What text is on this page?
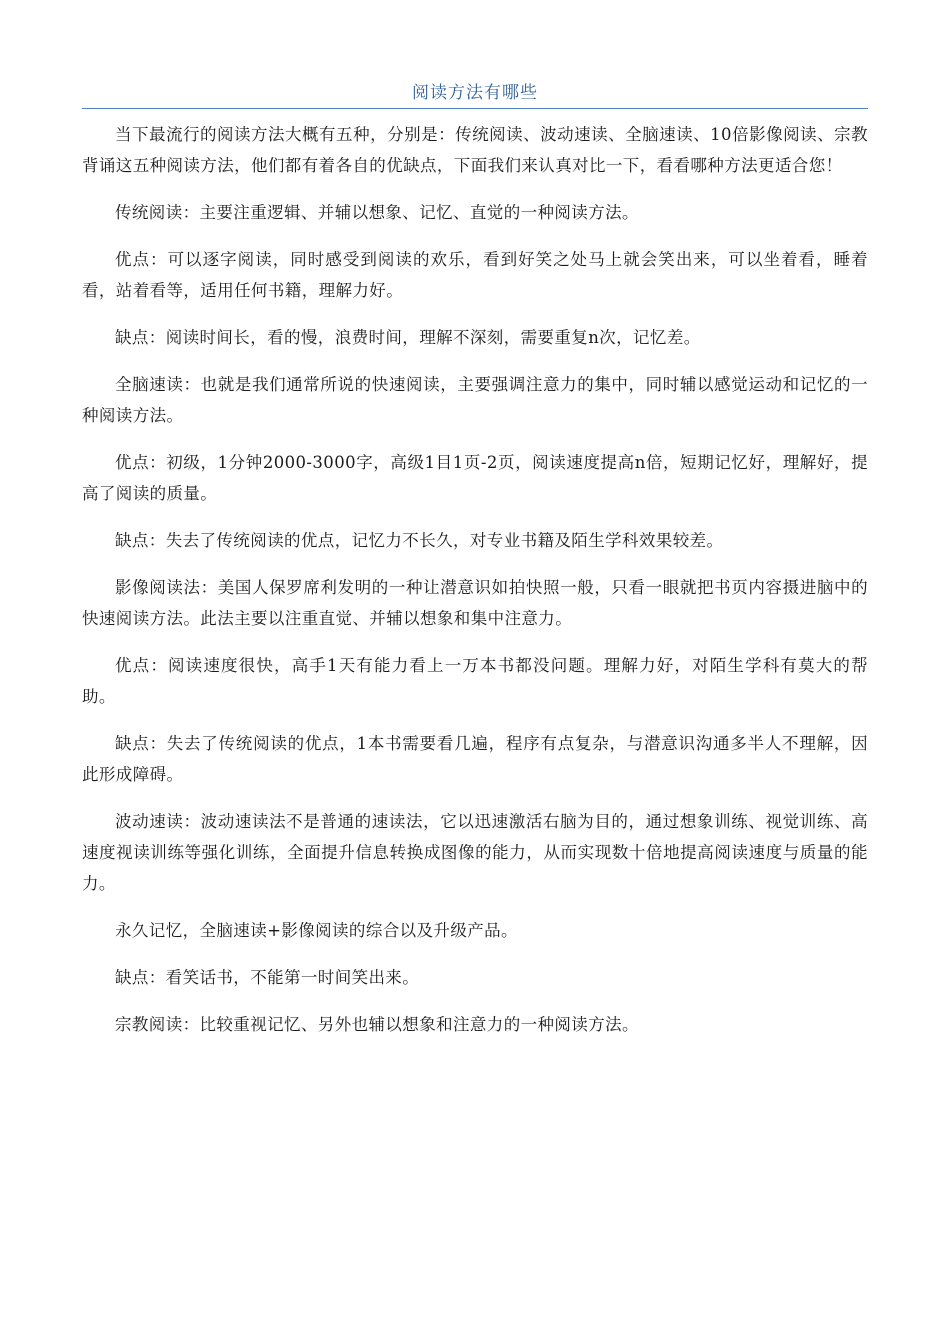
阅读方法有哪些

当下最流行的阅读方法大概有五种，分别是：传统阅读、波动速读、全脑速读、10倍影像阅读、宗教背诵这五种阅读方法，他们都有着各自的优缺点，下面我们来认真对比一下，看看哪种方法更适合您！

传统阅读：主要注重逻辑、并辅以想象、记忆、直觉的一种阅读方法。

优点：可以逐字阅读，同时感受到阅读的欢乐，看到好笑之处马上就会笑出来，可以坐着看，睡着看，站着看等，适用任何书籍，理解力好。

缺点：阅读时间长，看的慢，浪费时间，理解不深刻，需要重复n次，记忆差。

全脑速读：也就是我们通常所说的快速阅读，主要强调注意力的集中，同时辅以感觉运动和记忆的一种阅读方法。

优点：初级，1分钟2000-3000字，高级1目1页-2页，阅读速度提高n倍，短期记忆好，理解好，提高了阅读的质量。

缺点：失去了传统阅读的优点，记忆力不长久，对专业书籍及陌生学科效果较差。

影像阅读法：美国人保罗席利发明的一种让潜意识如拍快照一般，只看一眼就把书页内容摄进脑中的快速阅读方法。此法主要以注重直觉、并辅以想象和集中注意力。

优点：阅读速度很快，高手1天有能力看上一万本书都没问题。理解力好，对陌生学科有莫大的帮助。

缺点：失去了传统阅读的优点，1本书需要看几遍，程序有点复杂，与潜意识沟通多半人不理解，因此形成障碍。

波动速读：波动速读法不是普通的速读法，它以迅速激活右脑为目的，通过想象训练、视觉训练、高速度视读训练等强化训练，全面提升信息转换成图像的能力，从而实现数十倍地提高阅读速度与质量的能力。

永久记忆，全脑速读+影像阅读的综合以及升级产品。

缺点：看笑话书，不能第一时间笑出来。

宗教阅读：比较重视记忆、另外也辅以想象和注意力的一种阅读方法。
